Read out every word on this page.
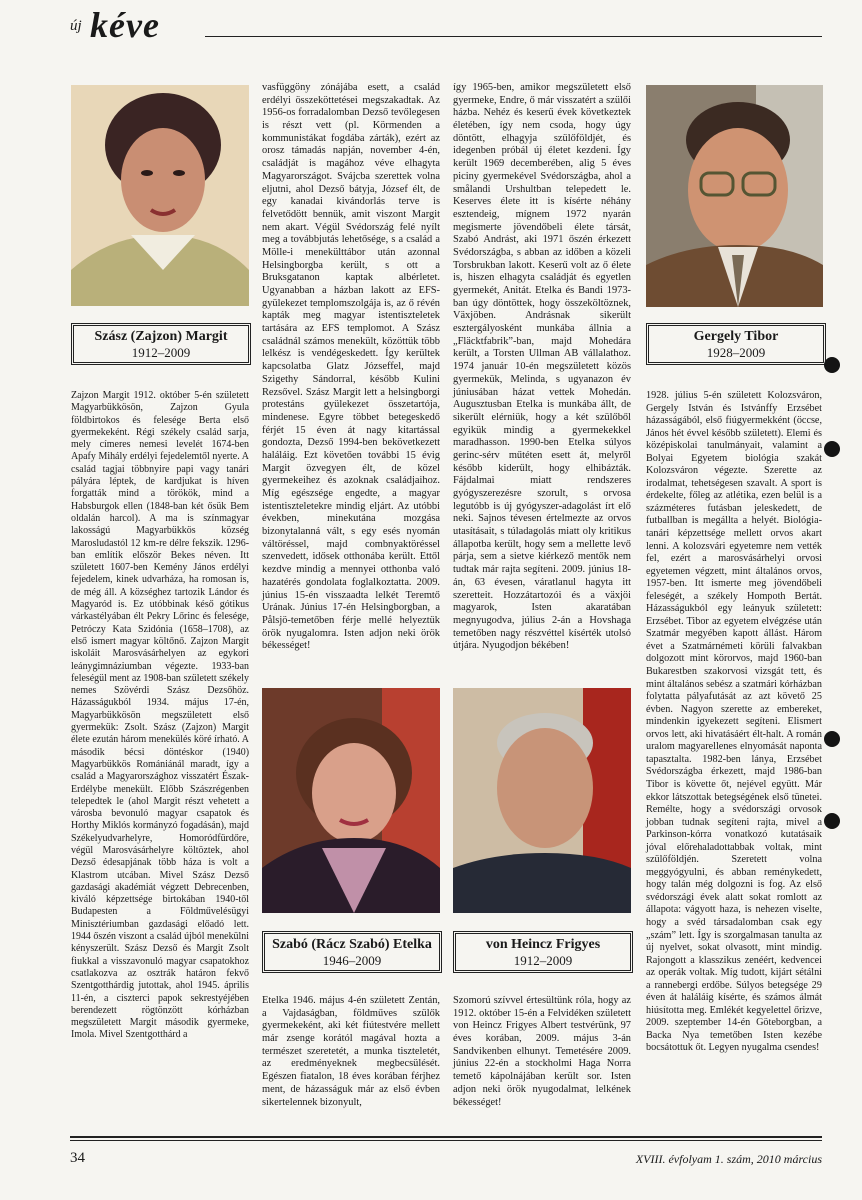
új kéve
Szász (Zajzon) Margit
1912–2009
Gergely Tibor
1928–2009
Szabó (Rácz Szabó) Etelka
1946–2009
von Heincz Frigyes
1912–2009

Zajzon Margit 1912. október 5-én született Magyarbükkösön, Zajzon Gyula földbirtokos és felesége Berta első gyermekeként. Régi székely család sarja, mely címeres nemesi levelét 1674-ben Apafy Mihály erdélyi fejedelemtől nyerte. A család tagjai többnyire papi vagy tanári pályára léptek, de kardjukat is híven forgatták mind a törökök, mind a Habsburgok ellen (1848-ban két ősük Bem oldalán harcol). A ma is színmagyar lakosságú Magyarbükkös község Marosludastól 12 km-re délre fekszik. 1296-ban említik először Bekes néven. Itt született 1607-ben Kemény János erdélyi fejedelem, kinek udvarháza, ha romosan is, de még áll. A községhez tartozik Lándor és Magyaród is. Ez utóbbinak késő gótikus várkastélyában élt Pekry Lőrinc és felesége, Petróczy Kata Szidónia (1658–1708), az első ismert magyar költőnő. Zajzon Margit iskoláit Marosvásárhelyen az egykori leánygimnáziumban végezte. 1933-ban feleségül ment az 1908-ban született székely nemes Szövérdi Szász Dezsőhöz. Házasságukból 1934. május 17-én, Magyarbükkösön megszületett első gyermekük: Zsolt. Szász (Zajzon) Margit élete ezután három menekülés köré írható. A második bécsi döntéskor (1940) Magyarbükkös Romániánál maradt, így a család a Magyarországhoz visszatért Észak-Erdélybe menekült. Előbb Szászrégenben telepedtek le (ahol Margit részt vehetett a városba bevonuló magyar csapatok és Horthy Miklós kormányzó fogadásán), majd Székelyudvarhelyre, Homoródfürdőre, végül Marosvásárhelyre költöztek, ahol Dezső édesapjának több háza is volt a Klastrom utcában. Mivel Szász Dezső gazdasági akadémiát végzett Debrecenben, kiváló képzettsége birtokában 1940-től Budapesten a Földművelésügyi Minisztériumban gazdasági előadó lett. 1944 őszén viszont a család újból menekülni kényszerült. Szász Dezső és Margit Zsolt fiukkal a visszavonuló magyar csapatokhoz csatlakozva az osztrák határon fekvő Szentgotthárdig jutottak, ahol 1945. április 11-én, a ciszterci papok sekrestyéjében berendezett rögtönzött kórházban megszületett Margit második gyermeke, Imola. Mivel Szentgotthárd a

vasfüggöny zónájába esett, a család erdélyi összeköttetései megszakadtak. Az 1956-os forradalomban Dezső tevőlegesen is részt vett (pl. Körmenden a kommunistákat fogdába zárták), ezért az orosz támadás napján, november 4-én, családját is magához véve elhagyta Magyarországot. Svájcba szerettek volna eljutni, ahol Dezső bátyja, József élt, de egy kanadai kivándorlás terve is felvetődött bennük, amit viszont Margit nem akart. Végül Svédország felé nyílt meg a továbbjutás lehetősége, s a család a Mölle-i menekülttábor után azonnal Helsingborgba került, s ott a Bruksgatanon kaptak albérletet. Ugyanabban a házban lakott az EFS-gyülekezet templomszolgája is, az ő révén kapták meg magyar istentiszteletek tartására az EFS templomot. A Szász családnál számos menekült, közöttük több lelkész is vendégeskedett. Így kerültek kapcsolatba Glatz Józseffel, majd Szigethy Sándorral, később Kulini Rezsővel. Szász Margit lett a helsingborgi protestáns gyülekezet összetartója, mindenese. Egyre többet betegeskedő férjét 15 éven át nagy kitartással gondozta, Dezső 1994-ben bekövetkezett haláláig. Ezt követően további 15 évig Margit özvegyen élt, de közel gyermekeihez és azoknak családjaihoz. Míg egészsége engedte, a magyar istentiszteletekre mindig eljárt. Az utóbbi években, minekutána mozgása bizonytalanná vált, s egy esés nyomán váltöréssel, majd combnyaktöréssel szenvedett, idősek otthonába került. Ettől kezdve mindig a mennyei otthonba való hazatérés gondolata foglalkoztatta. 2009. június 15-én visszaadta lelkét Teremtő Urának. Június 17-én Helsingborgban, a Pålsjö-temetőben férje mellé helyeztük örök nyugalomra. Isten adjon neki örök békességet!

így 1965-ben, amikor megszületett első gyermeke, Endre, ő már visszatért a szülői házba. Nehéz és keserű évek következtek életében, így nem csoda, hogy úgy döntött, elhagyja szülőföldjét, és idegenben próbál új életet kezdeni. Így került 1969 decemberében, alig 5 éves piciny gyermekével Svédországba, ahol a smålandi Urshultban telepedett le. Keserves élete itt is kísérte néhány esztendeig, mígnem 1972 nyarán megismerte jövendőbeli élete társát, Szabó Andrást, aki 1971 őszén érkezett Svédországba, s abban az időben a közeli Torsbrukban lakott. Keserű volt az ő élete is, hiszen elhagyta családját és egyetlen gyermekét, Anitát. Etelka és Bandi 1973-ban úgy döntöttek, hogy összeköltöznek, Växjöben. Andrásnak sikerült esztergályosként munkába állnia a „Fläcktfabrik”-ban, majd Mohedára került, a Torsten Ullman AB vállalathoz. 1974 január 10-én megszületett közös gyermekük, Melinda, s ugyanazon év júniusában házat vettek Mohedán. Augusztusban Etelka is munkába állt, de sikerült elérniük, hogy a két szülőből egyikük mindig a gyermekekkel maradhasson. 1990-ben Etelka súlyos gerinc-sérv műtéten esett át, melyről később kiderült, hogy elhibázták. Fájdalmai miatt rendszeres gyógyszerezésre szorult, s orvosa legutóbb is új gyógyszer-adagolást írt elő neki. Sajnos tévesen értelmezte az orvos utasításait, s túladagolás miatt oly kritikus állapotba került, hogy sem a mellette levő párja, sem a sietve kiérkező mentők nem tudtak már rajta segíteni. 2009. június 18-án, 63 évesen, váratlanul hagyta itt szeretteit. Hozzátartozói és a växjöi magyarok, Isten akaratában megnyugodva, július 2-án a Hovshaga temetőben nagy részvéttel kísérték utolsó útjára. Nyugodjon békében!

1928. július 5-én született Kolozsváron, Gergely István és Istvánffy Erzsébet házasságából, első fiúgyermekként (öccse, János hét évvel később született). Elemi és középiskolai tanulmányait, valamint a Bolyai Egyetem biológia szakát Kolozsváron végezte. Szerette az irodalmat, tehetségesen szavalt. A sport is érdekelte, főleg az atlétika, ezen belül is a százméteres futásban jeleskedett, de futballban is megállta a helyét. Biológia-tanári képzettsége mellett orvos akart lenni. A kolozsvári egyetemre nem vették fel, ezért a marosvásárhelyi orvosi egyetemen végzett, mint általános orvos, 1957-ben. Itt ismerte meg jövendőbeli feleségét, a székely Hompoth Bertát. Házasságukból egy leányuk született: Erzsébet. Tibor az egyetem elvégzése után Szatmár megyében kapott állást. Három évet a Szatmárnémeti körüli falvakban dolgozott mint körorvos, majd 1960-ban Bukarestben szakorvosi vizsgát tett, és mint általános sebész a szatmári kórházban folytatta pályafutását az azt követő 25 évben. Nagyon szerette az embereket, mindenkin igyekezett segíteni. Elismert orvos lett, aki hivatásáért élt-halt. A román uralom magyarellenes elnyomását naponta tapasztalta. 1982-ben lánya, Erzsébet Svédországba érkezett, majd 1986-ban Tibor is követte őt, nejével együtt. Már ekkor látszottak betegségének első tünetei. Remélte, hogy a svédországi orvosok jobban tudnak segíteni rajta, mivel a Parkinson-kórra vonatkozó kutatásaik jóval előrehaladottabbak voltak, mint szülőföldjén. Szeretett volna meggyógyulni, és abban reménykedett, hogy talán még dolgozni is fog. Az első svédországi évek alatt sokat romlott az állapota: vágyott haza, is nehezen viselte, hogy a svéd társadalomban csak egy „szám” lett. Így is szorgalmasan tanulta az új nyelvet, sokat olvasott, mint mindig. Rajongott a klasszikus zenéért, kedvencei az operák voltak. Míg tudott, kijárt sétálni a rannebergi erdőbe. Súlyos betegsége 29 éven át haláláig kísérte, és számos álmát hiúsította meg. Emlékét kegyelettel őrizve, 2009. szeptember 14-én Göteborgban, a Backa Nya temetőben Isten kezébe bocsátottuk őt. Legyen nyugalma csendes!

Etelka 1946. május 4-én született Zentán, a Vajdaságban, földműves szülők gyermekeként, aki két fiútestvére mellett már zsenge korától magával hozta a természet szeretetét, a munka tiszteletét, az eredményeknek megbecsülését. Egészen fiatalon, 18 éves korában férjhez ment, de házasságuk már az első évben sikertelennek bizonyult,

Szomorú szívvel értesültünk róla, hogy az 1912. október 15-én a Felvidéken született von Heincz Frigyes Albert testvérünk, 97 éves korában, 2009. május 3-án Sandvikenben elhunyt. Temetésére 2009. június 22-én a stockholmi Haga Norra temető kápolnájában került sor. Isten adjon neki örök nyugodalmat, lelkének békességet!

34	XVIII. évfolyam 1. szám, 2010 március
